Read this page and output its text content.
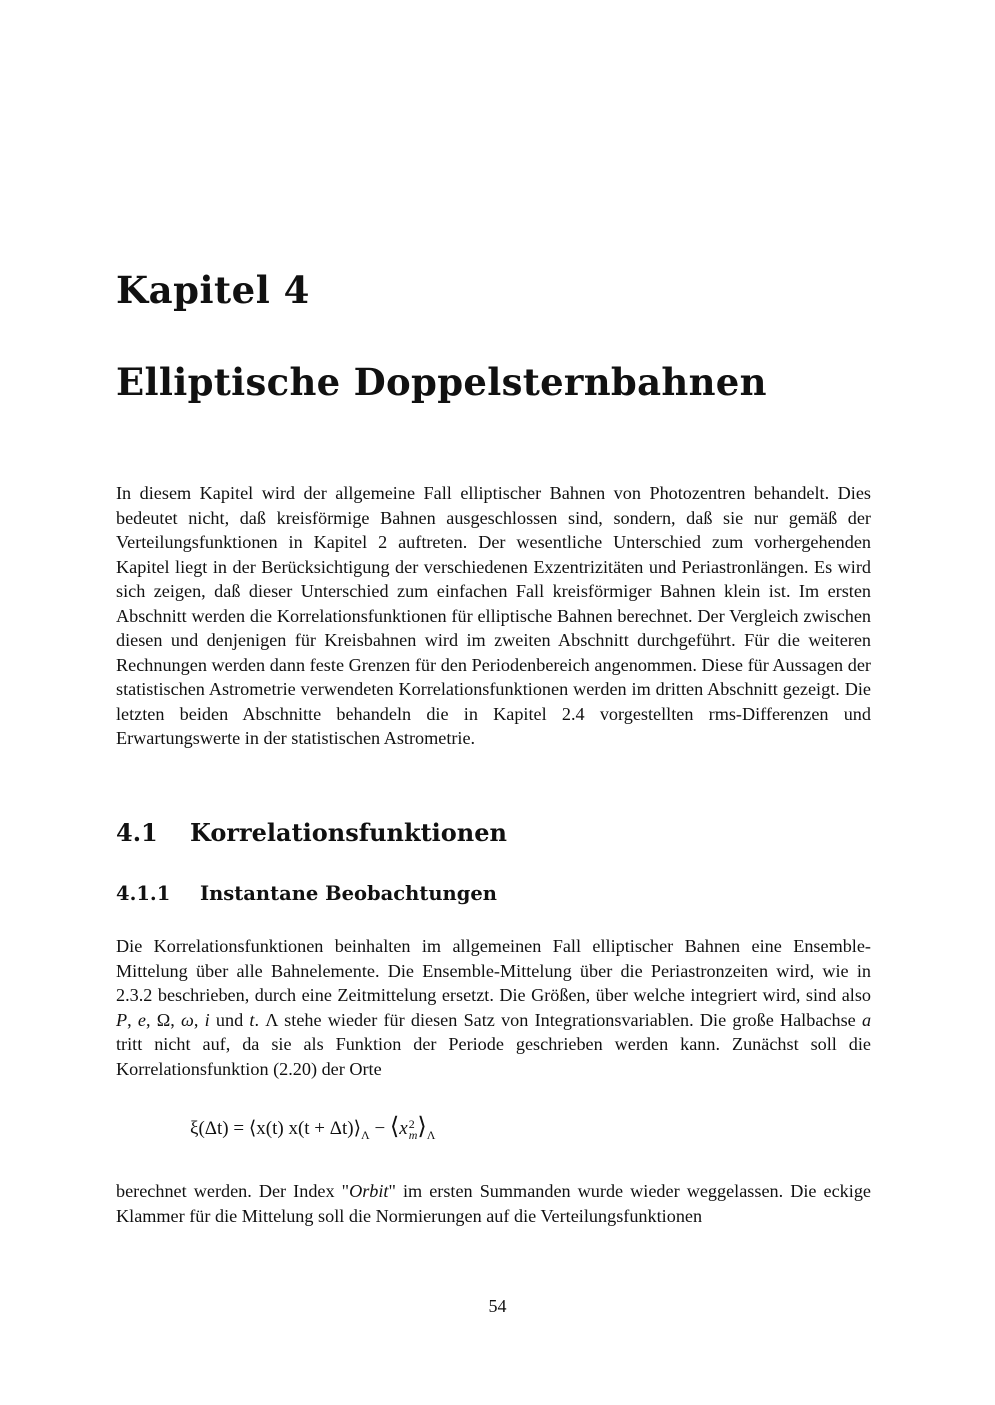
Kapitel 4
Elliptische Doppelsternbahnen

In diesem Kapitel wird der allgemeine Fall elliptischer Bahnen von Photozentren behandelt. Dies bedeutet nicht, daß kreisförmige Bahnen ausgeschlossen sind, sondern, daß sie nur gemäß der Verteilungsfunktionen in Kapitel 2 auftreten. Der wesentliche Unterschied zum vorhergehenden Kapitel liegt in der Berücksichtigung der verschiedenen Exzentrizitäten und Periastronlängen. Es wird sich zeigen, daß dieser Unterschied zum einfachen Fall kreisförmiger Bahnen klein ist. Im ersten Abschnitt werden die Korrelationsfunktionen für elliptische Bahnen berechnet. Der Vergleich zwischen diesen und denjenigen für Kreisbahnen wird im zweiten Abschnitt durchgeführt. Für die weiteren Rechnungen werden dann feste Grenzen für den Periodenbereich angenommen. Diese für Aussagen der statistischen Astrometrie verwendeten Korrelationsfunktionen werden im dritten Abschnitt gezeigt. Die letzten beiden Abschnitte behandeln die in Kapitel 2.4 vorgestellten rms-Differenzen und Erwartungswerte in der statistischen Astrometrie.

4.1 Korrelationsfunktionen
4.1.1 Instantane Beobachtungen

Die Korrelationsfunktionen beinhalten im allgemeinen Fall elliptischer Bahnen eine Ensemble-Mittelung über alle Bahnelemente. Die Ensemble-Mittelung über die Periastronzeiten wird, wie in 2.3.2 beschrieben, durch eine Zeitmittelung ersetzt. Die Größen, über welche integriert wird, sind also P, e, Ω, ω, i und t. Λ stehe wieder für diesen Satz von Integrationsvariablen. Die große Halbachse a tritt nicht auf, da sie als Funktion der Periode geschrieben werden kann. Zunächst soll die Korrelationsfunktion (2.20) der Orte

ξ(Δt) = ⟨x(t) $x(t + \Delta t)⟩_\Lambda$ − ⟨x 2
m $⟩_\Lambda$

berechnet werden. Der Index "Orbit" im ersten Summanden wurde wieder weggelassen. Die eckige Klammer für die Mittelung soll die Normierungen auf die Verteilungsfunktionen

54
